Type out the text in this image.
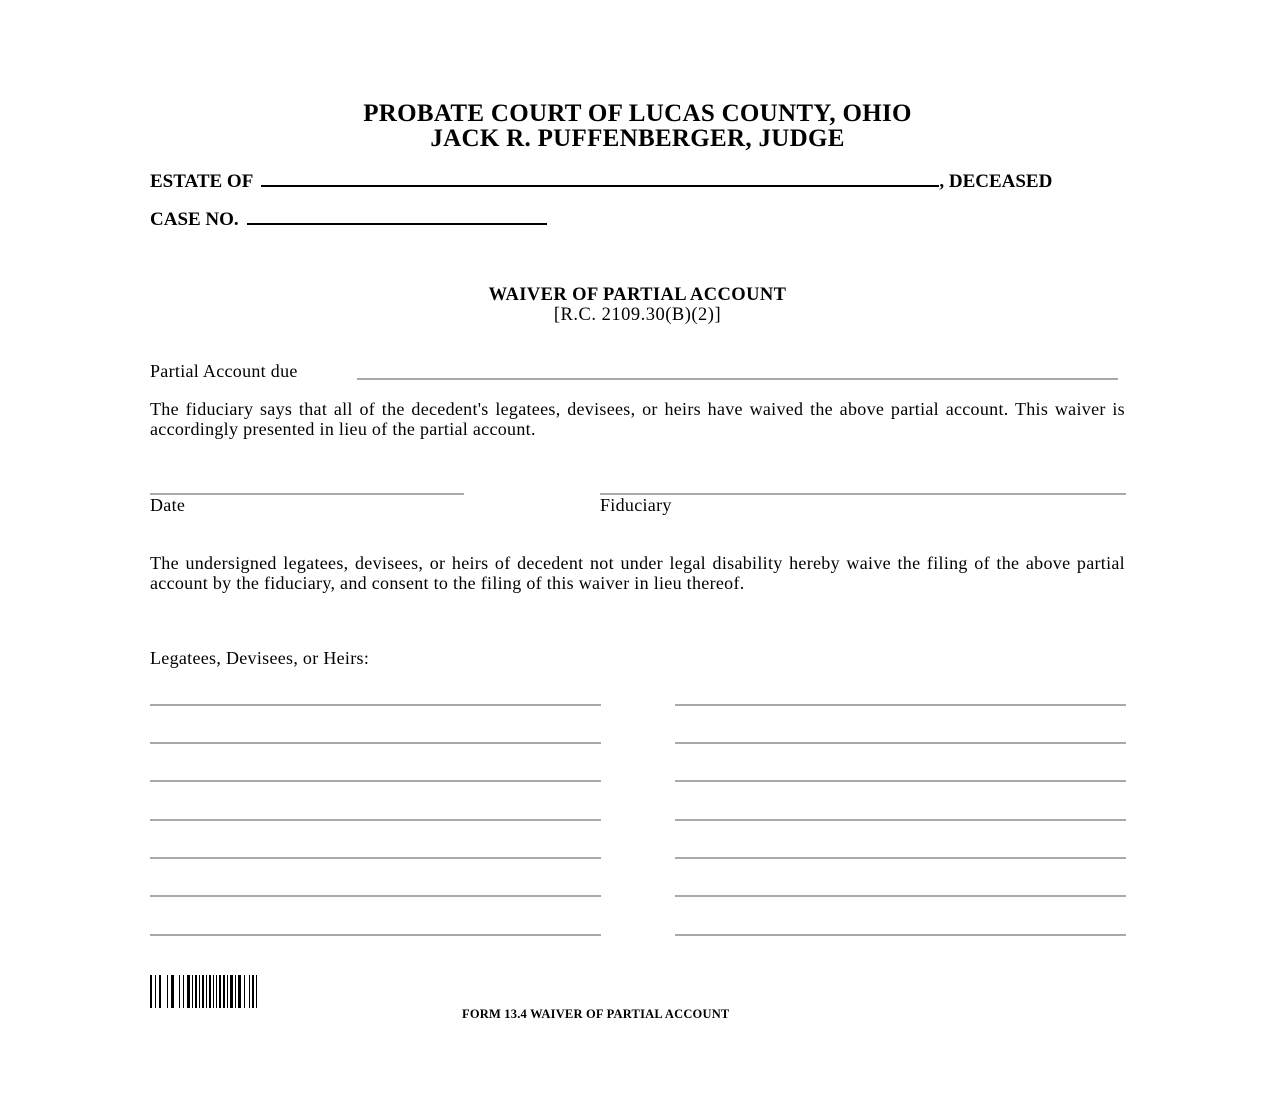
PROBATE COURT OF LUCAS COUNTY, OHIO
JACK R. PUFFENBERGER, JUDGE
ESTATE OF	, DECEASED
CASE NO.
WAIVER OF PARTIAL ACCOUNT
[R.C. 2109.30(B)(2)]
Partial Account due
The fiduciary says that all of the decedent's legatees, devisees, or heirs have waived the above partial account. This waiver is accordingly presented in lieu of the partial account.
Date	Fiduciary
The undersigned legatees, devisees, or heirs of decedent not under legal disability hereby waive the filing of the above partial account by the fiduciary, and consent to the filing of this waiver in lieu thereof.
Legatees, Devisees, or Heirs:
FORM 13.4 WAIVER OF PARTIAL ACCOUNT
